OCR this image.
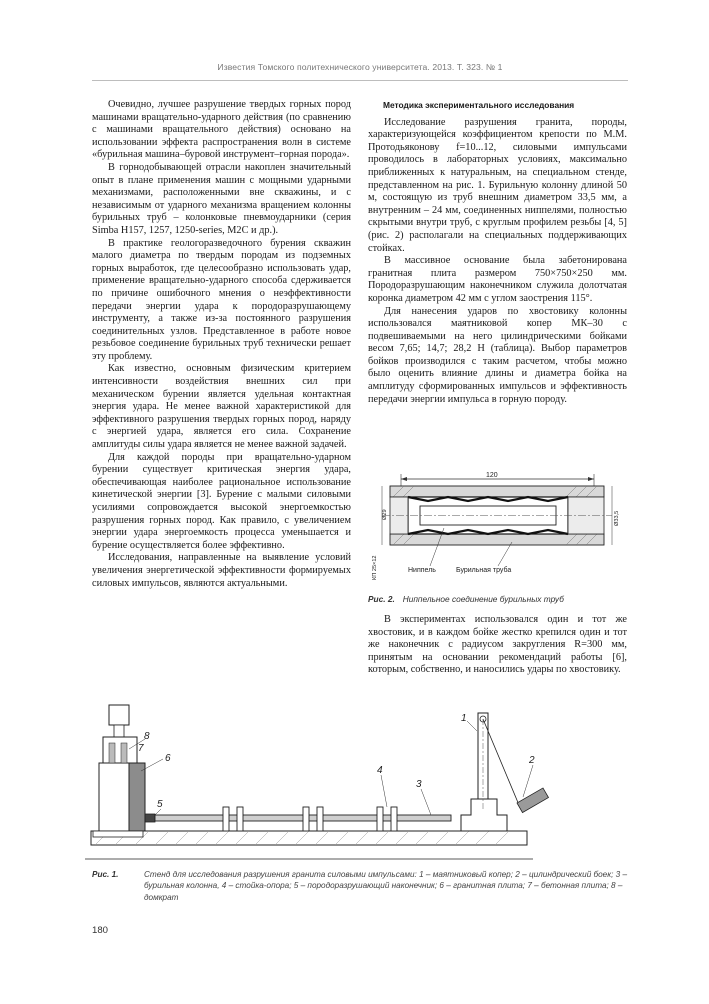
Известия Томского политехнического университета. 2013. Т. 323. № 1

Очевидно, лучшее разрушение твердых горных пород машинами вращательно-ударного действия (по сравнению с машинами вращательного действия) основано на использовании эффекта распространения волн в системе «бурильная машина–буровой инструмент–горная порода».

В горнодобывающей отрасли накоплен значительный опыт в плане применения машин с мощными ударными механизмами, расположенными вне скважины, и с независимым от ударного механизма вращением колонны бурильных труб – колонковые пневмоударники (серия Simba H157, 1257, 1250-series, M2C и др.).

В практике геологоразведочного бурения скважин малого диаметра по твердым породам из подземных горных выработок, где целесообразно использовать удар, применение вращательно-ударного способа сдерживается по причине ошибочного мнения о неэффективности передачи энергии удара к породоразрушающему инструменту, а также из-за постоянного разрушения соединительных узлов. Представленное в работе новое резьбовое соединение бурильных труб технически решает эту проблему.

Как известно, основным физическим критерием интенсивности воздействия внешних сил при механическом бурении является удельная контактная энергия удара. Не менее важной характеристикой для эффективного разрушения твердых горных пород, наряду с энергией удара, является его сила. Сохранение амплитуды силы удара является не менее важной задачей.

Для каждой породы при вращательно-ударном бурении существует критическая энергия удара, обеспечивающая наиболее рациональное использование кинетической энергии [3]. Бурение с малыми силовыми усилиями сопровождается высокой энергоемкостью разрушения горных пород. Как правило, с увеличением энергии удара энергоемкость процесса уменьшается и бурение осуществляется более эффективно.

Исследования, направленные на выявление условий увеличения энергетической эффективности формируемых силовых импульсов, являются актуальными.

Методика экспериментального исследования

Исследование разрушения гранита, породы, характеризующейся коэффициентом крепости по М.М. Протодьяконову f=10...12, силовыми импульсами проводилось в лабораторных условиях, максимально приближенных к натуральным, на специальном стенде, представленном на рис. 1. Бурильную колонну длиной 50 м, состоящую из труб внешним диаметром 33,5 мм, а внутренним – 24 мм, соединенных ниппелями, полностью скрытыми внутри труб, с круглым профилем резьбы [4, 5] (рис. 2) располагали на специальных поддерживающих стойках.

В массивное основание была забетонирована гранитная плита размером 750×750×250 мм. Породоразрушающим наконечником служила долотчатая коронка диаметром 42 мм с углом заострения 115°.

Для нанесения ударов по хвостовику колонны использовался маятниковой копер МК–30 с подвешиваемыми на него цилиндрическими бойками весом 7,65; 14,7; 28,2 Н (таблица). Выбор параметров бойков производился с таким расчетом, чтобы можно было оценить влияние длины и диаметра бойка на амплитуду сформированных импульсов и эффективность передачи энергии импульса в горную породу.

120
Ø29
КП 25×12
Ø33,5
Ниппель	Бурильная труба
Рис. 2. Ниппельное соединение бурильных труб

В экспериментах использовался один и тот же хвостовик, и в каждом бойке жестко крепился один и тот же наконечник с радиусом закругления R=300 мм, принятым на основании рекомендаций работы [6], которым, собственно, и наносились удары по хвостовику.

8
7
6
5
4
3
2
1
Рис. 1.	Стенд для исследования разрушения гранита силовыми импульсами: 1 – маятниковый копер; 2 – цилиндрический боек; 3 – бурильная колонна, 4 – стойка-опора; 5 – породоразрушающий наконечник; 6 – гранитная плита; 7 – бетонная плита; 8 – домкрат
180
